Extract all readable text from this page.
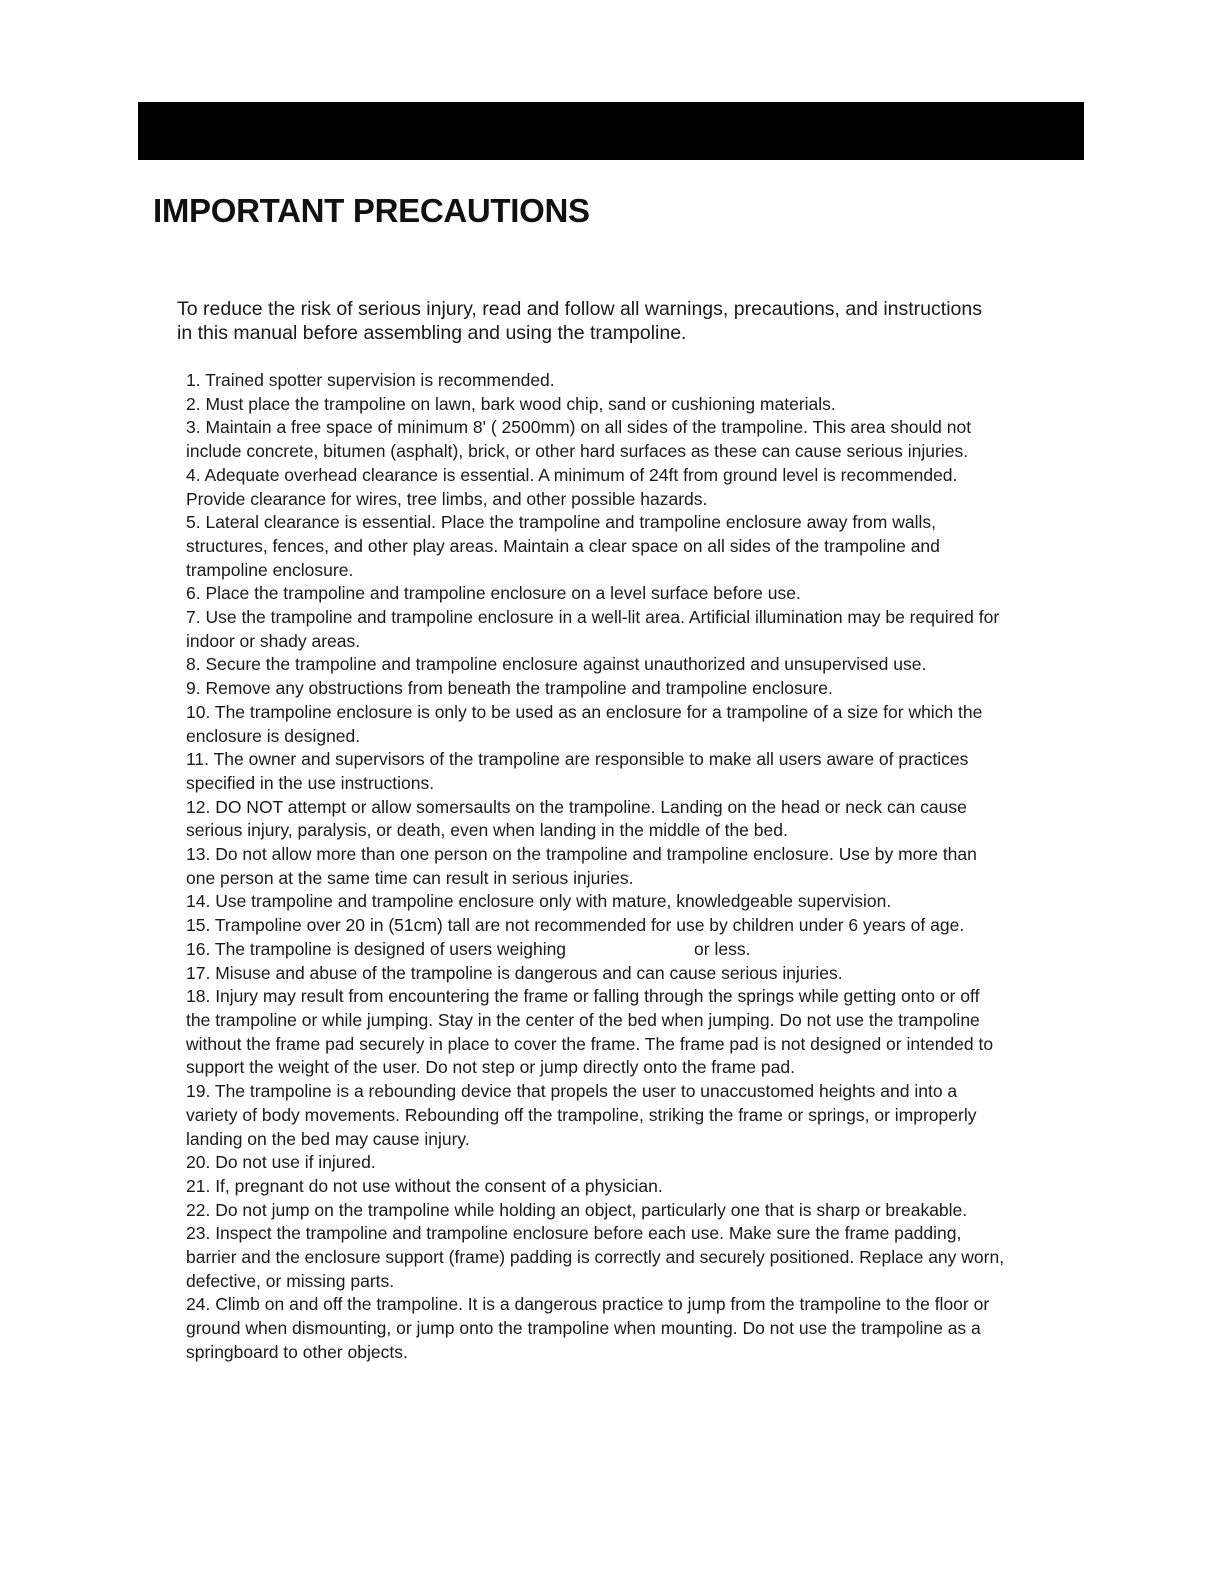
IMPORTANT PRECAUTIONS

To reduce the risk of serious injury, read and follow all warnings, precautions, and instructions
in this manual before assembling and using the trampoline.

1. Trained spotter supervision is recommended.
2. Must place the trampoline on lawn, bark wood chip, sand or cushioning materials.
3. Maintain a free space of minimum 8' ( 2500mm) on all sides of the trampoline. This area should not
include concrete, bitumen (asphalt), brick, or other hard surfaces as these can cause serious injuries.
4. Adequate overhead clearance is essential. A minimum of 24ft from ground level is recommended.
Provide clearance for wires, tree limbs, and other possible hazards.
5. Lateral clearance is essential. Place the trampoline and trampoline enclosure away from walls,
structures, fences, and other play areas. Maintain a clear space on all sides of the trampoline and
trampoline enclosure.
6. Place the trampoline and trampoline enclosure on a level surface before use.
7. Use the trampoline and trampoline enclosure in a well-lit area. Artificial illumination may be required for
indoor or shady areas.
8. Secure the trampoline and trampoline enclosure against unauthorized and unsupervised use.
9. Remove any obstructions from beneath the trampoline and trampoline enclosure.
10. The trampoline enclosure is only to be used as an enclosure for a trampoline of a size for which the
enclosure is designed.
11. The owner and supervisors of the trampoline are responsible to make all users aware of practices
specified in the use instructions.
12. DO NOT attempt or allow somersaults on the trampoline. Landing on the head or neck can cause
serious injury, paralysis, or death, even when landing in the middle of the bed.
13. Do not allow more than one person on the trampoline and trampoline enclosure. Use by more than
one person at the same time can result in serious injuries.
14. Use trampoline and trampoline enclosure only with mature, knowledgeable supervision.
15. Trampoline over 20 in (51cm) tall are not recommended for use by children under 6 years of age.
16. The trampoline is designed of users weighing	or less.
17. Misuse and abuse of the trampoline is dangerous and can cause serious injuries.
18. Injury may result from encountering the frame or falling through the springs while getting onto or off
the trampoline or while jumping. Stay in the center of the bed when jumping. Do not use the trampoline
without the frame pad securely in place to cover the frame. The frame pad is not designed or intended to
support the weight of the user. Do not step or jump directly onto the frame pad.
19. The trampoline is a rebounding device that propels the user to unaccustomed heights and into a
variety of body movements. Rebounding off the trampoline, striking the frame or springs, or improperly
landing on the bed may cause injury.
20. Do not use if injured.
21. If, pregnant do not use without the consent of a physician.
22. Do not jump on the trampoline while holding an object, particularly one that is sharp or breakable.
23. Inspect the trampoline and trampoline enclosure before each use. Make sure the frame padding,
barrier and the enclosure support (frame) padding is correctly and securely positioned. Replace any worn,
defective, or missing parts.
24. Climb on and off the trampoline. It is a dangerous practice to jump from the trampoline to the floor or
ground when dismounting, or jump onto the trampoline when mounting. Do not use the trampoline as a
springboard to other objects.
